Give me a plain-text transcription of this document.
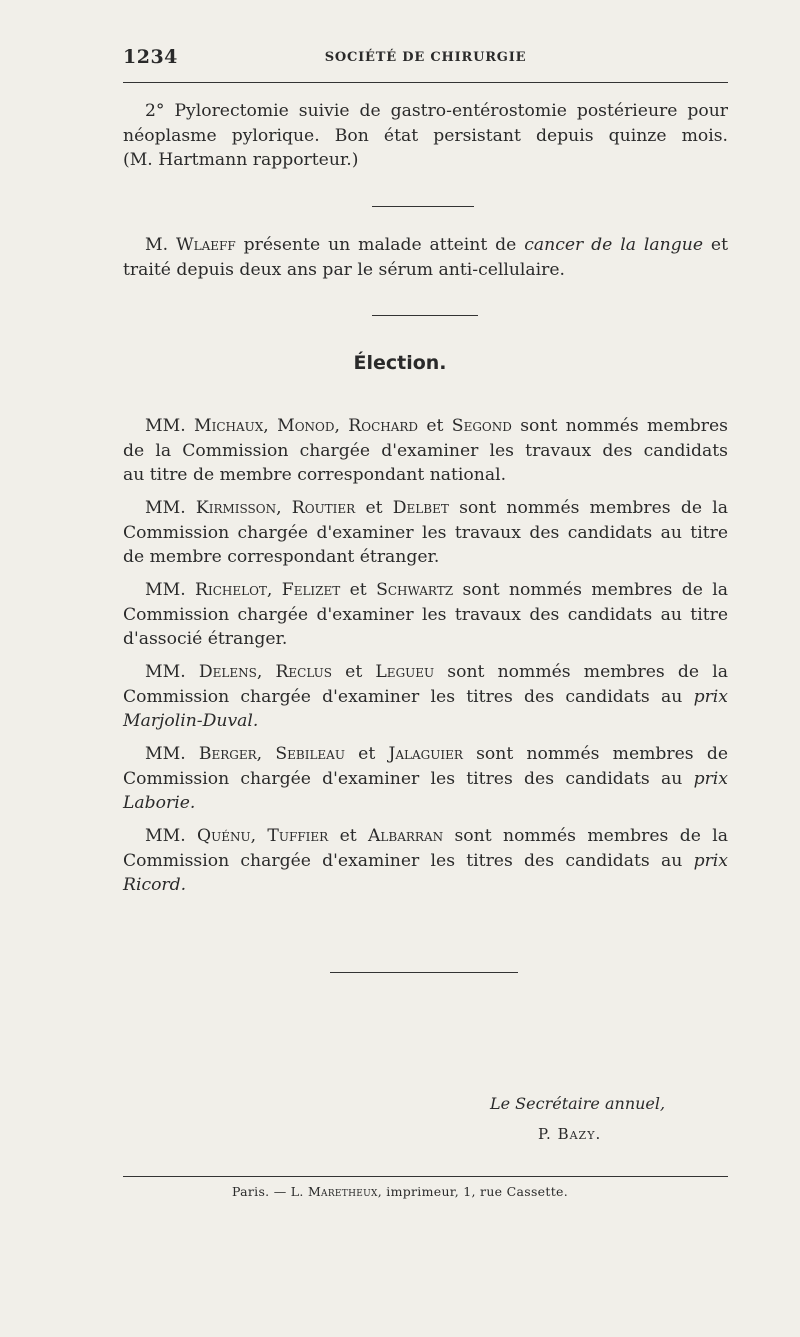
1234	SOCIÉTÉ DE CHIRURGIE
2° Pylorectomie suivie de gastro-entérostomie postérieure pour
néoplasme pylorique. Bon état persistant depuis quinze mois.
(M. Hartmann rapporteur.)
M. Wlaeff présente un malade atteint de cancer de la langue et
traité depuis deux ans par le sérum anti-cellulaire.
Élection.
MM. Michaux, Monod, Rochard et Segond sont nommés membres
de la Commission chargée d'examiner les travaux des candidats
au titre de membre correspondant national.
MM. Kirmisson, Routier et Delbet sont nommés membres de la
Commission chargée d'examiner les travaux des candidats au titre
de membre correspondant étranger.
MM. Richelot, Felizet et Schwartz sont nommés membres de la
Commission chargée d'examiner les travaux des candidats au titre
d'associé étranger.
MM. Delens, Reclus et Legueu sont nommés membres de la
Commission chargée d'examiner les titres des candidats au prix
Marjolin-Duval.
MM. Berger, Sebileau et Jalaguier sont nommés membres de
Commission chargée d'examiner les titres des candidats au prix
Laborie.
MM. Quénu, Tuffier et Albarran sont nommés membres de la
Commission chargée d'examiner les titres des candidats au prix
Ricord.
Le Secrétaire annuel,
P. Bazy.
Paris. — L. Maretheux, imprimeur, 1, rue Cassette.
